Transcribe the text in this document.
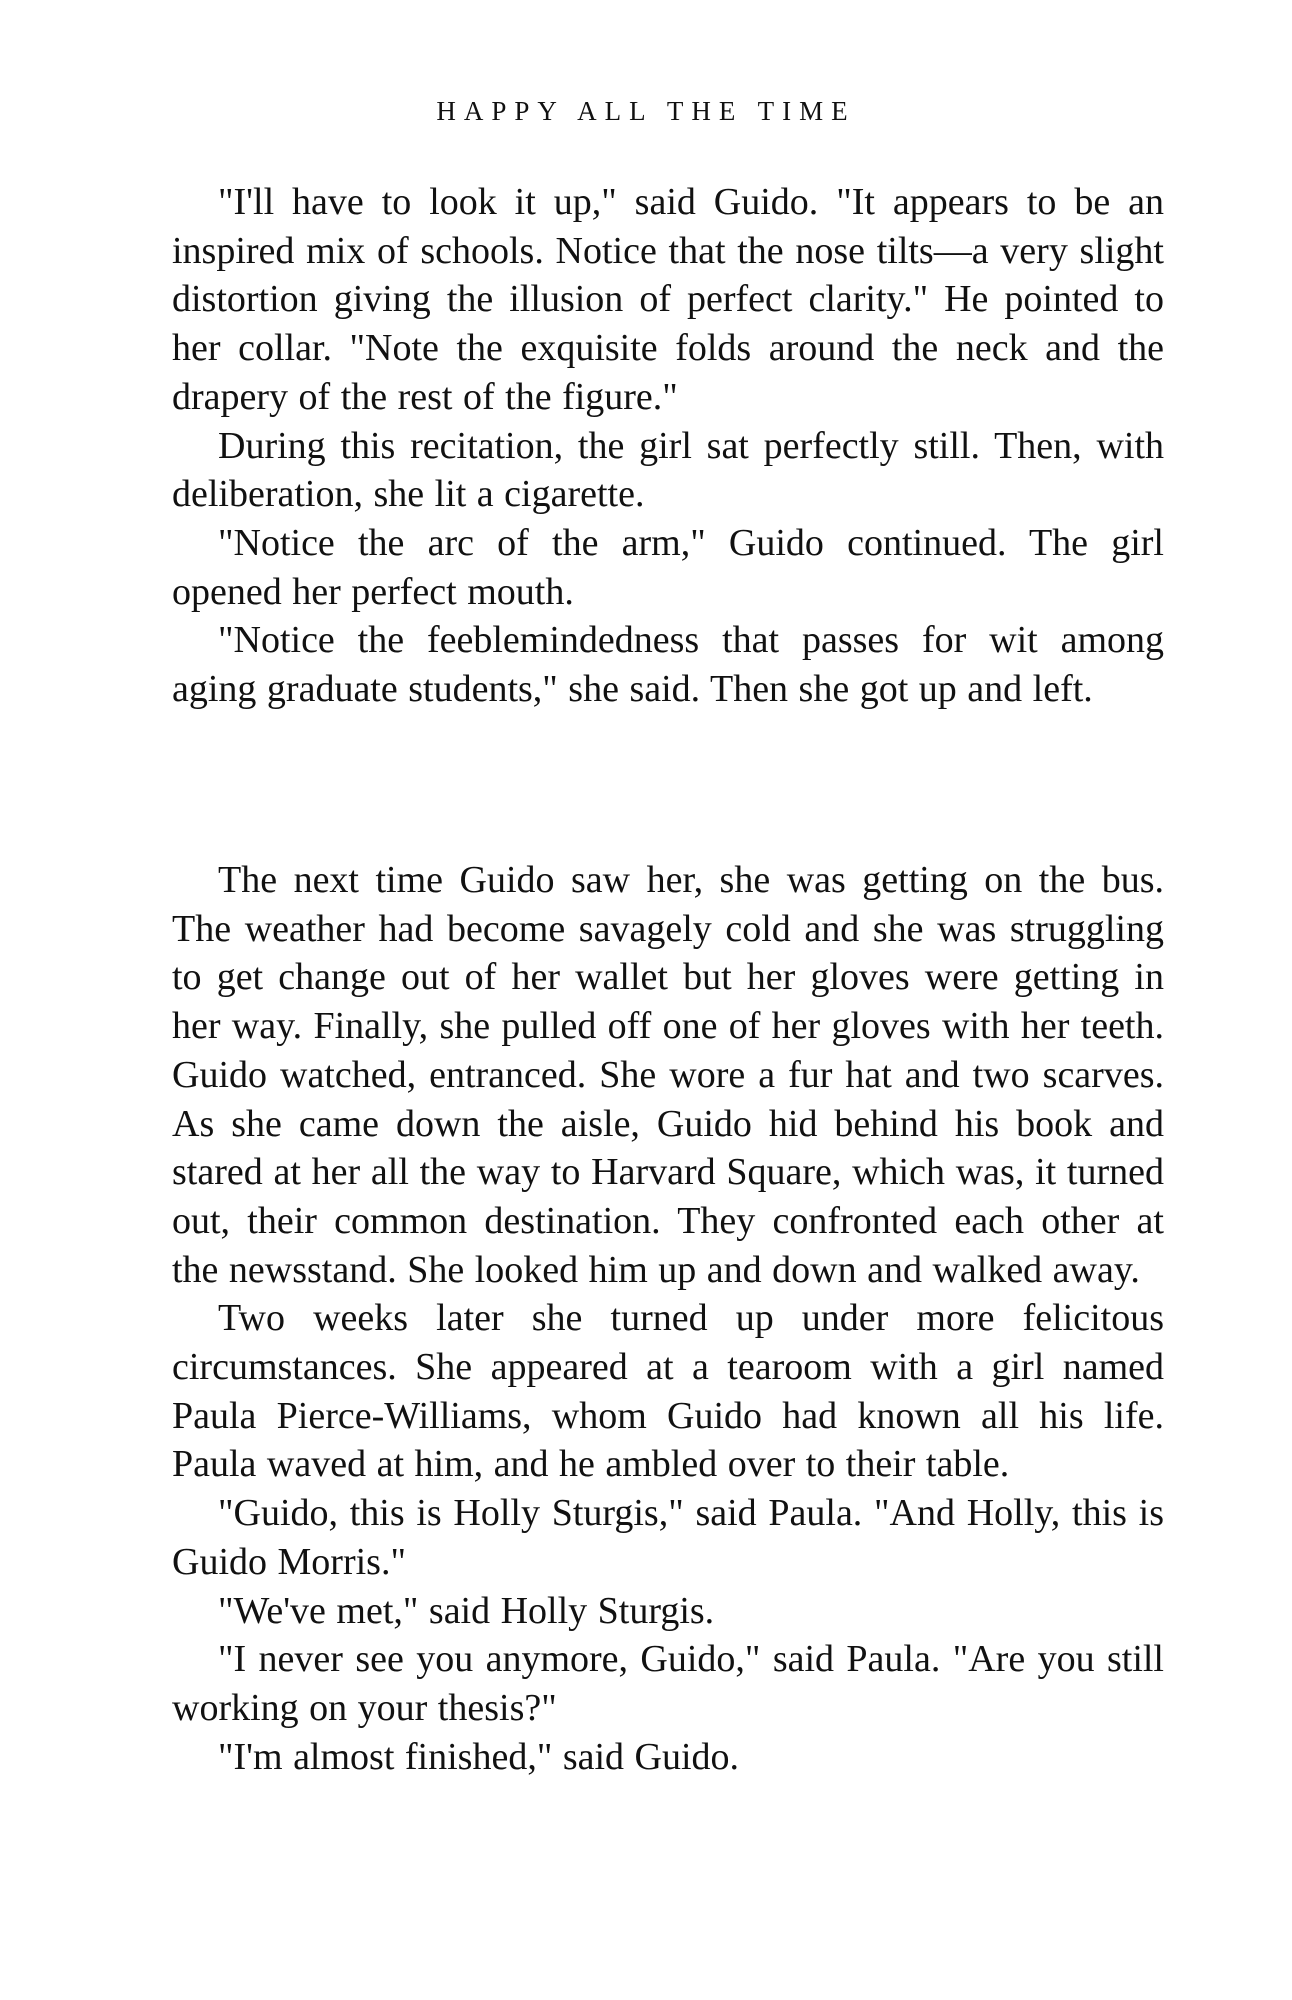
HAPPY ALL THE TIME

"I'll have to look it up," said Guido. "It appears to be an inspired mix of schools. Notice that the nose tilts—a very slight distortion giving the illusion of perfect clarity." He pointed to her collar. "Note the exquisite folds around the neck and the drapery of the rest of the figure."

During this recitation, the girl sat perfectly still. Then, with deliberation, she lit a cigarette.

"Notice the arc of the arm," Guido continued. The girl opened her perfect mouth.

"Notice the feeblemindedness that passes for wit among aging graduate students," she said. Then she got up and left.

The next time Guido saw her, she was getting on the bus. The weather had become savagely cold and she was struggling to get change out of her wallet but her gloves were getting in her way. Finally, she pulled off one of her gloves with her teeth. Guido watched, entranced. She wore a fur hat and two scarves. As she came down the aisle, Guido hid behind his book and stared at her all the way to Harvard Square, which was, it turned out, their common destination. They confronted each other at the newsstand. She looked him up and down and walked away.

Two weeks later she turned up under more felicitous circumstances. She appeared at a tearoom with a girl named Paula Pierce-Williams, whom Guido had known all his life. Paula waved at him, and he ambled over to their table.

"Guido, this is Holly Sturgis," said Paula. "And Holly, this is Guido Morris."

"We've met," said Holly Sturgis.

"I never see you anymore, Guido," said Paula. "Are you still working on your thesis?"

"I'm almost finished," said Guido.
